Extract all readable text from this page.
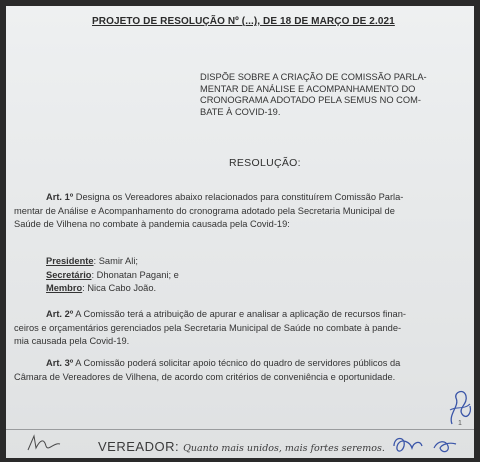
PROJETO DE RESOLUÇÃO Nº (...), DE 18 DE MARÇO DE 2.021
DISPÕE SOBRE A CRIAÇÃO DE COMISSÃO PARLA-
MENTAR DE ANÁLISE E ACOMPANHAMENTO DO
CRONOGRAMA ADOTADO PELA SEMUS NO COM-
BATE À COVID-19.
RESOLUÇÃO:
Art. 1º Designa os Vereadores abaixo relacionados para constituírem Comissão Parla-
mentar de Análise e Acompanhamento do cronograma adotado pela Secretaria Municipal de
Saúde de Vilhena no combate à pandemia causada pela Covid-19:
Presidente: Samir Ali;
Secretário: Dhonatan Pagani; e
Membro: Nica Cabo João.
Art. 2º A Comissão terá a atribuição de apurar e analisar a aplicação de recursos finan-
ceiros e orçamentários gerenciados pela Secretaria Municipal de Saúde no combate à pande-
mia causada pela Covid-19.
Art. 3º A Comissão poderá solicitar apoio técnico do quadro de servidores públicos da
Câmara de Vereadores de Vilhena, de acordo com critérios de conveniência e oportunidade.
1
VEREADOR: Quanto mais unidos, mais fortes seremos.
